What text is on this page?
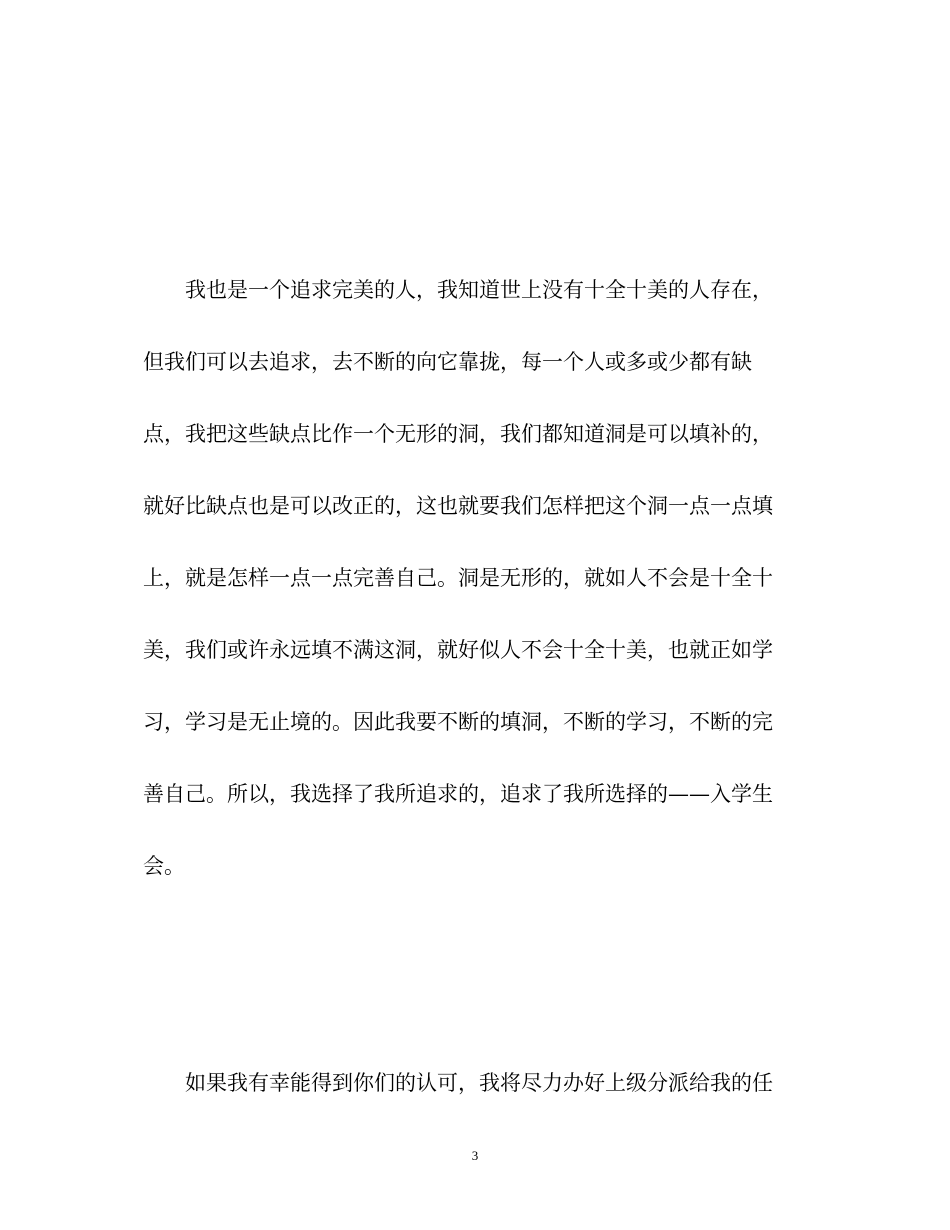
我也是一个追求完美的人，我知道世上没有十全十美的人存在，
但我们可以去追求，去不断的向它靠拢，每一个人或多或少都有缺
点，我把这些缺点比作一个无形的洞，我们都知道洞是可以填补的，
就好比缺点也是可以改正的，这也就要我们怎样把这个洞一点一点填
上，就是怎样一点一点完善自己。洞是无形的，就如人不会是十全十
美，我们或许永远填不满这洞，就好似人不会十全十美，也就正如学
习，学习是无止境的。因此我要不断的填洞，不断的学习，不断的完
善自己。所以，我选择了我所追求的，追求了我所选择的——入学生
会。
如果我有幸能得到你们的认可，我将尽力办好上级分派给我的任
3
